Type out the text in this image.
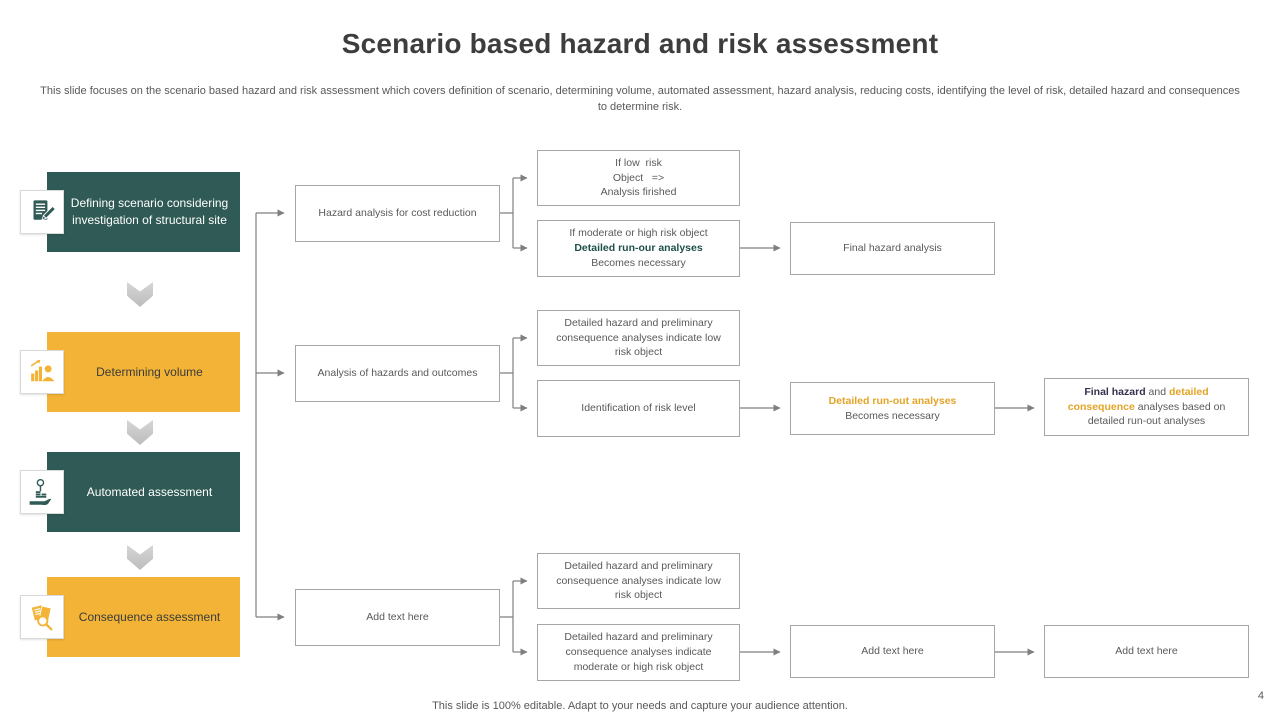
Scenario based hazard and risk assessment

This slide focuses on the scenario based hazard and risk assessment which covers definition of scenario, determining volume, automated assessment, hazard analysis, reducing costs, identifying the level of risk, detailed hazard and consequences to determine risk.

Defining scenario considering investigation of structural site
Determining volume
Automated assessment
Consequence assessment
Hazard analysis for cost reduction
If low  risk
Object   =>
Analysis firished
If moderate or high risk object
Detailed run-our analyses
Becomes necessary
Final hazard analysis
Analysis of hazards and outcomes
Detailed hazard and preliminary consequence analyses indicate low risk object
Identification of risk level
Detailed run-out analyses
Becomes necessary
Final hazard and detailed consequence analyses based on detailed run-out analyses
Add text here
Detailed hazard and preliminary consequence analyses indicate low risk object
Detailed hazard and preliminary consequence analyses indicate moderate or high risk object
Add text here	Add text here

This slide is 100% editable. Adapt to your needs and capture your audience attention.

4
